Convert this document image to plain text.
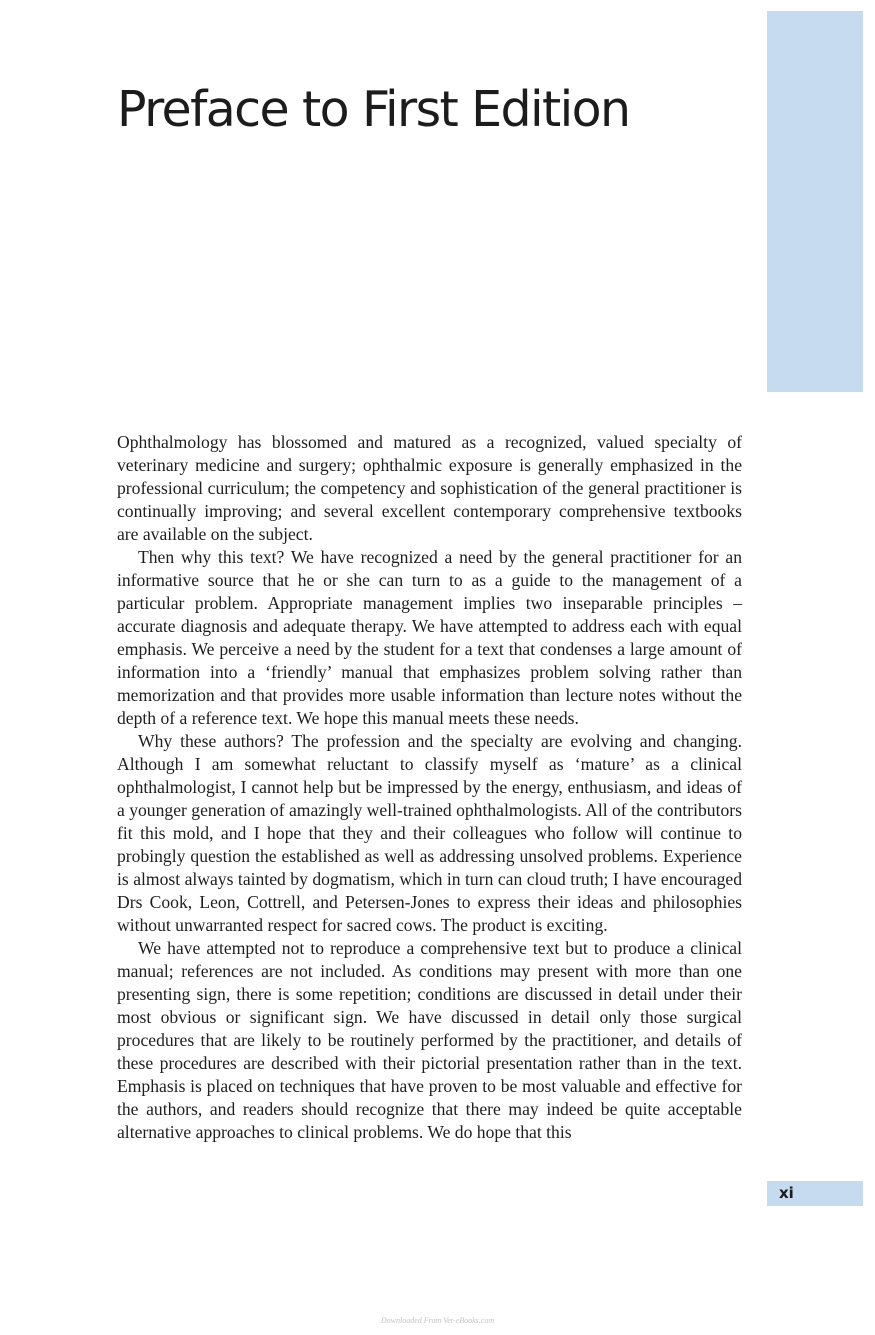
Preface to First Edition

Ophthalmology has blossomed and matured as a recognized, valued specialty of veterinary medicine and surgery; ophthalmic exposure is generally emphasized in the professional curriculum; the competency and sophistication of the general practitioner is continually improving; and several excellent contemporary comprehensive textbooks are available on the subject.

Then why this text? We have recognized a need by the general practitioner for an informative source that he or she can turn to as a guide to the management of a particular problem. Appropriate management implies two inseparable principles – accurate diagnosis and adequate therapy. We have attempted to address each with equal emphasis. We perceive a need by the student for a text that condenses a large amount of information into a ‘friendly’ manual that emphasizes problem solving rather than memorization and that provides more usable information than lecture notes without the depth of a reference text. We hope this manual meets these needs.

Why these authors? The profession and the specialty are evolving and changing. Although I am somewhat reluctant to classify myself as ‘mature’ as a clinical ophthalmologist, I cannot help but be impressed by the energy, enthusiasm, and ideas of a younger generation of amazingly well-trained ophthalmologists. All of the contributors fit this mold, and I hope that they and their colleagues who follow will continue to probingly question the established as well as addressing unsolved problems. Experience is almost always tainted by dogmatism, which in turn can cloud truth; I have encouraged Drs Cook, Leon, Cottrell, and Petersen-Jones to express their ideas and philosophies without unwarranted respect for sacred cows. The product is exciting.

We have attempted not to reproduce a comprehensive text but to produce a clinical manual; references are not included. As conditions may present with more than one presenting sign, there is some repetition; conditions are discussed in detail under their most obvious or significant sign. We have discussed in detail only those surgical procedures that are likely to be routinely performed by the practitioner, and details of these procedures are described with their pictorial presentation rather than in the text. Emphasis is placed on techniques that have proven to be most valuable and effective for the authors, and readers should recognize that there may indeed be quite acceptable alternative approaches to clinical problems. We do hope that this

xi
Downloaded From Vet-eBooks.com
